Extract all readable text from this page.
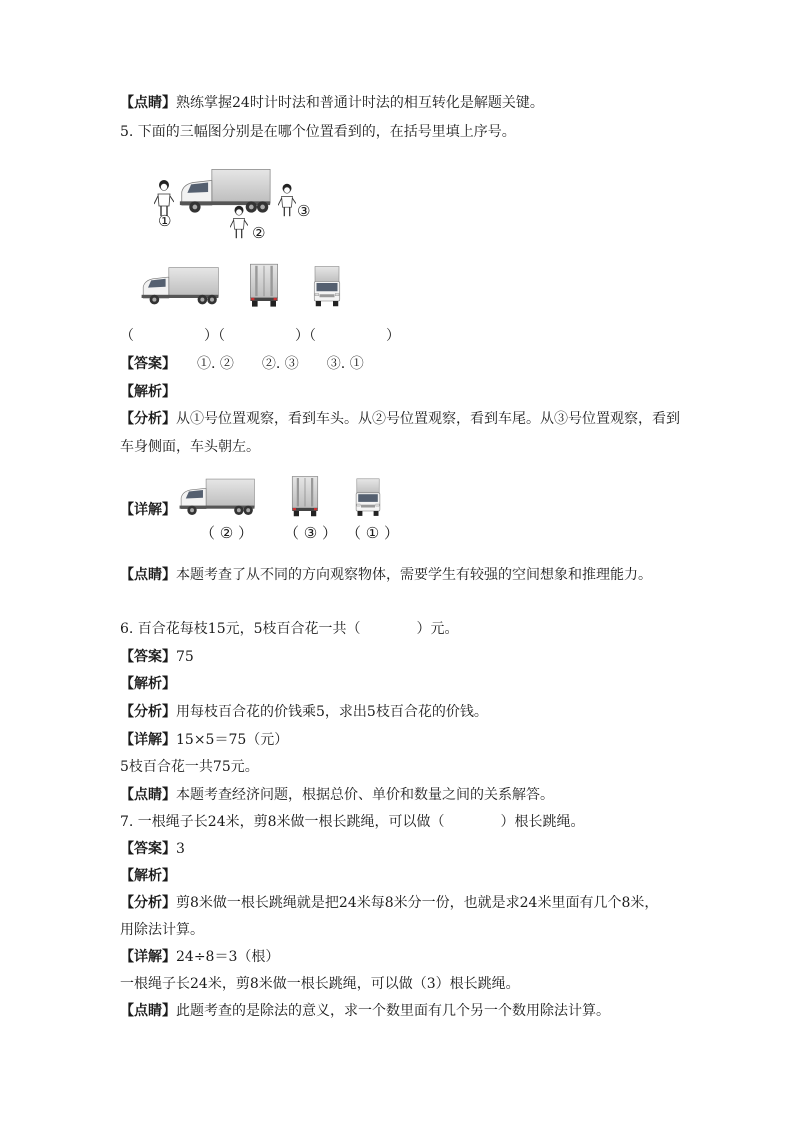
【点睛】熟练掌握24时计时法和普通计时法的相互转化是解题关键。
5. 下面的三幅图分别是在哪个位置看到的，在括号里填上序号。
①
②
③
（　　　　　）（　　　　　）（　　　　　）
【答案】　　 ①. ②　　②. ③　　③. ①
【解析】
【分析】从①号位置观察，看到车头。从②号位置观察，看到车尾。从③号位置观察，看到
车身侧面，车头朝左。
【详解】
（ ② ） （ ③ ） （ ① ）
【点睛】本题考查了从不同的方向观察物体，需要学生有较强的空间想象和推理能力。
6. 百合花每枝15元，5枝百合花一共（　　　　）元。
【答案】75
【解析】
【分析】用每枝百合花的价钱乘5，求出5枝百合花的价钱。
【详解】15×5＝75（元）
5枝百合花一共75元。
【点睛】本题考查经济问题，根据总价、单价和数量之间的关系解答。
7. 一根绳子长24米，剪8米做一根长跳绳，可以做（　　　　）根长跳绳。
【答案】3
【解析】
【分析】剪8米做一根长跳绳就是把24米每8米分一份，也就是求24米里面有几个8米，
用除法计算。
【详解】24÷8＝3（根）
一根绳子长24米，剪8米做一根长跳绳，可以做（3）根长跳绳。
【点睛】此题考查的是除法的意义，求一个数里面有几个另一个数用除法计算。
